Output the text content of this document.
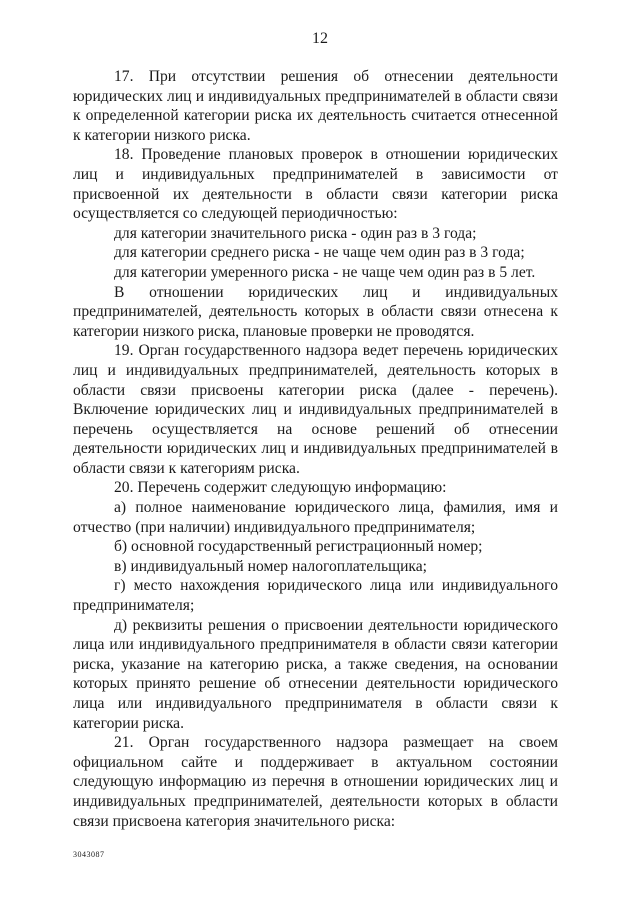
12

17. При отсутствии решения об отнесении деятельности юридических лиц и индивидуальных предпринимателей в области связи к определенной категории риска их деятельность считается отнесенной к категории низкого риска.

18. Проведение плановых проверок в отношении юридических лиц и индивидуальных предпринимателей в зависимости от присвоенной их деятельности в области связи категории риска осуществляется со следующей периодичностью:

для категории значительного риска - один раз в 3 года;

для категории среднего риска - не чаще чем один раз в 3 года;

для категории умеренного риска - не чаще чем один раз в 5 лет.

В отношении юридических лиц и индивидуальных предпринимателей, деятельность которых в области связи отнесена к категории низкого риска, плановые проверки не проводятся.

19. Орган государственного надзора ведет перечень юридических лиц и индивидуальных предпринимателей, деятельность которых в области связи присвоены категории риска (далее - перечень). Включение юридических лиц и индивидуальных предпринимателей в перечень осуществляется на основе решений об отнесении деятельности юридических лиц и индивидуальных предпринимателей в области связи к категориям риска.

20. Перечень содержит следующую информацию:

а) полное наименование юридического лица, фамилия, имя и отчество (при наличии) индивидуального предпринимателя;

б) основной государственный регистрационный номер;

в) индивидуальный номер налогоплательщика;

г) место нахождения юридического лица или индивидуального предпринимателя;

д) реквизиты решения о присвоении деятельности юридического лица или индивидуального предпринимателя в области связи категории риска, указание на категорию риска, а также сведения, на основании которых принято решение об отнесении деятельности юридического лица или индивидуального предпринимателя в области связи к категории риска.

21. Орган государственного надзора размещает на своем официальном сайте и поддерживает в актуальном состоянии следующую информацию из перечня в отношении юридических лиц и индивидуальных предпринимателей, деятельности которых в области связи присвоена категория значительного риска:

3043087
